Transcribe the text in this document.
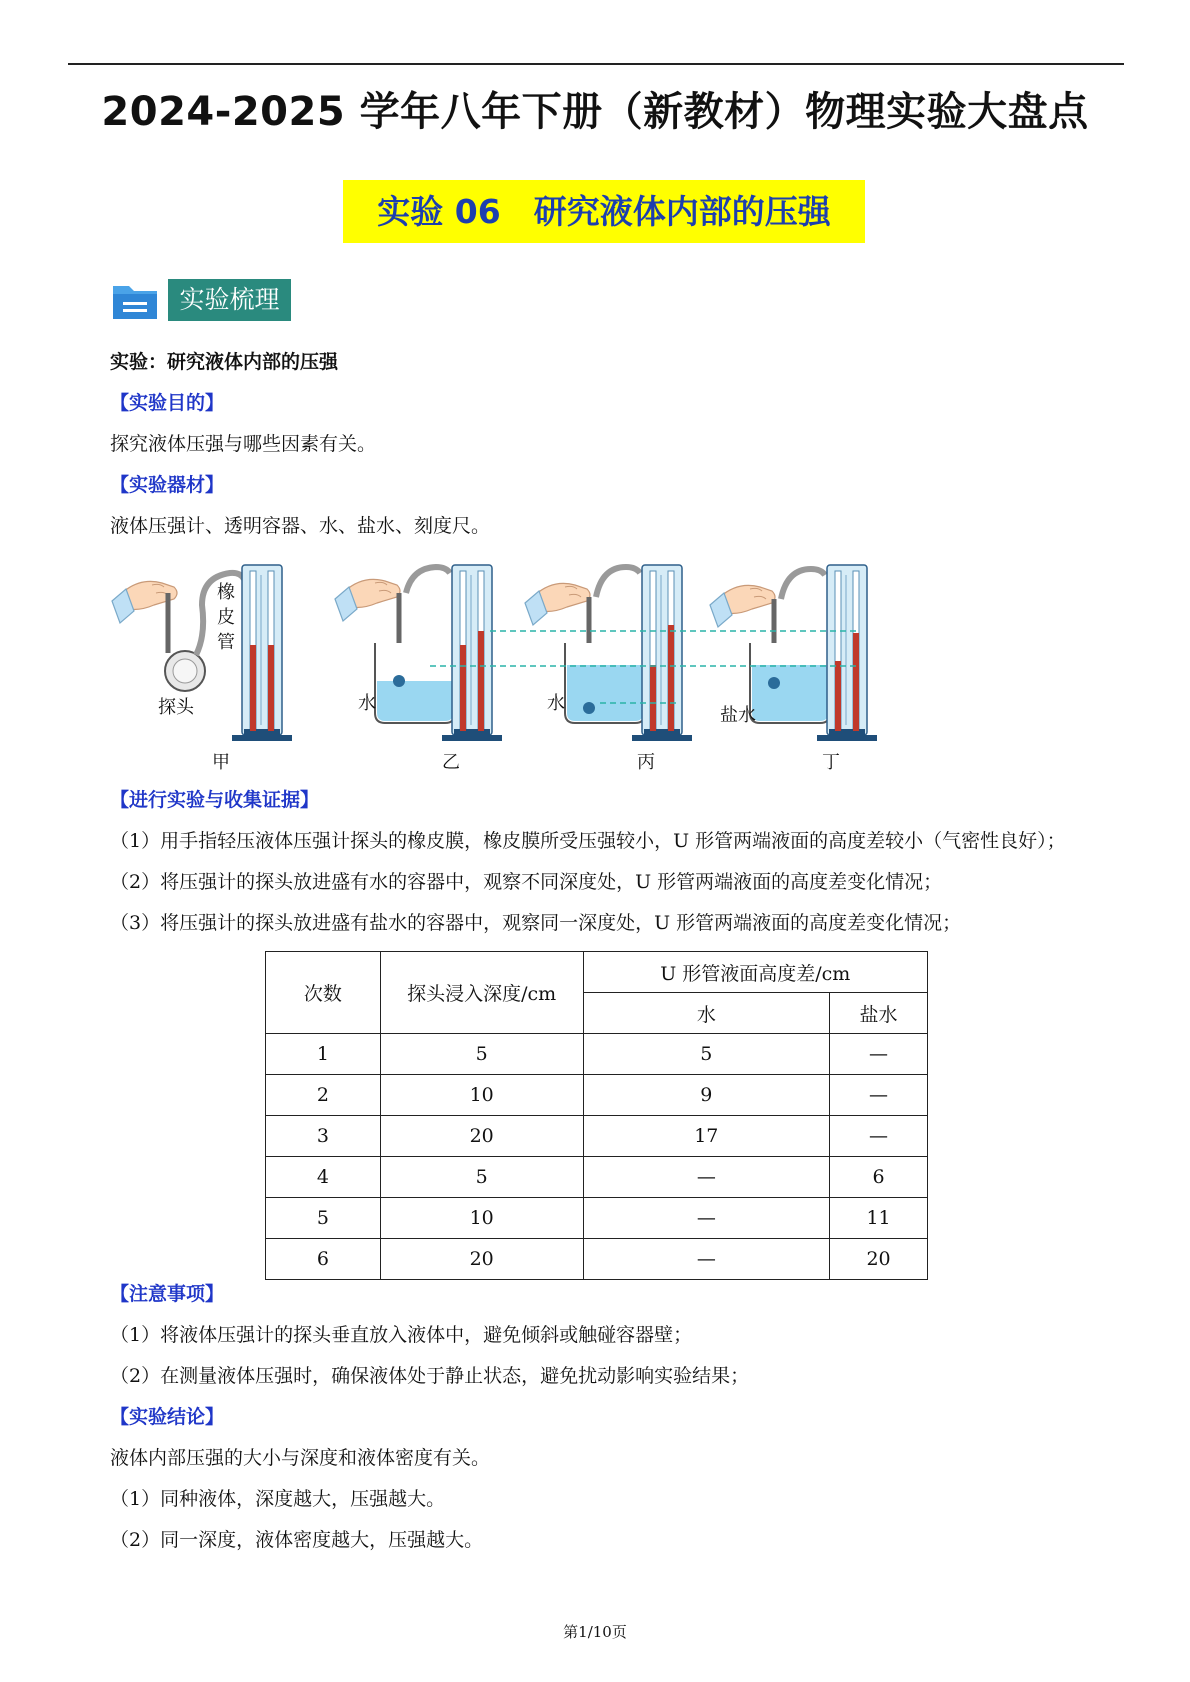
2024-2025 学年八年下册（新教材）物理实验大盘点
实验 06　研究液体内部的压强
实验梳理
实验：研究液体内部的压强
【实验目的】
探究液体压强与哪些因素有关。
【实验器材】
液体压强计、透明容器、水、盐水、刻度尺。
橡
皮
管
探头
甲
水
乙
水
丙
盐水
丁
【进行实验与收集证据】
（1）用手指轻压液体压强计探头的橡皮膜，橡皮膜所受压强较小，U 形管两端液面的高度差较小（气密性良好）；
（2）将压强计的探头放进盛有水的容器中，观察不同深度处，U 形管两端液面的高度差变化情况；
（3）将压强计的探头放进盛有盐水的容器中，观察同一深度处，U 形管两端液面的高度差变化情况；
次数	探头浸入深度/cm	U 形管液面高度差/cm	
		水	盐水
1	5	5	—
2	10	9	—
3	20	17	—
4	5	—	6
5	10	—	11
6	20	—	20
【注意事项】
（1）将液体压强计的探头垂直放入液体中，避免倾斜或触碰容器壁；
（2）在测量液体压强时，确保液体处于静止状态，避免扰动影响实验结果；
【实验结论】
液体内部压强的大小与深度和液体密度有关。
（1）同种液体，深度越大，压强越大。
（2）同一深度，液体密度越大，压强越大。
第1/10页
